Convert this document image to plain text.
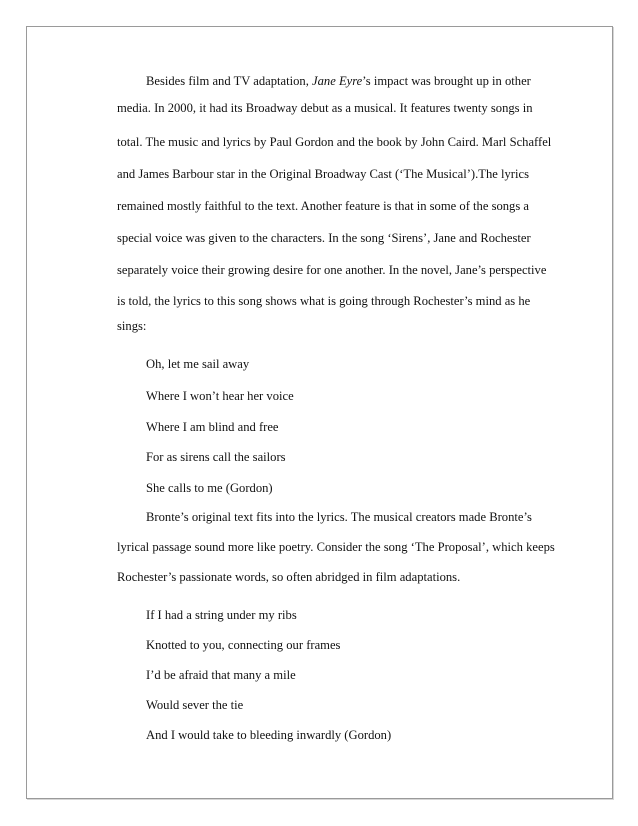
Besides film and TV adaptation, Jane Eyre’s impact was brought up in other

media. In 2000, it had its Broadway debut as a musical. It features twenty songs in

total. The music and lyrics by Paul Gordon and the book by John Caird. Marl Schaffel

and James Barbour star in the Original Broadway Cast (‘The Musical’).The lyrics

remained mostly faithful to the text. Another feature is that in some of the songs a

special voice was given to the characters. In the song ‘Sirens’, Jane and Rochester

separately voice their growing desire for one another. In the novel, Jane’s perspective

is told, the lyrics to this song shows what is going through Rochester’s mind as he

sings:

Oh, let me sail away

Where I won’t hear her voice

Where I am blind and free

For as sirens call the sailors

She calls to me (Gordon)

Bronte’s original text fits into the lyrics. The musical creators made Bronte’s

lyrical passage sound more like poetry. Consider the song ‘The Proposal’, which keeps

Rochester’s passionate words, so often abridged in film adaptations.

If I had a string under my ribs

Knotted to you, connecting our frames

I’d be afraid that many a mile

Would sever the tie

And I would take to bleeding inwardly (Gordon)
